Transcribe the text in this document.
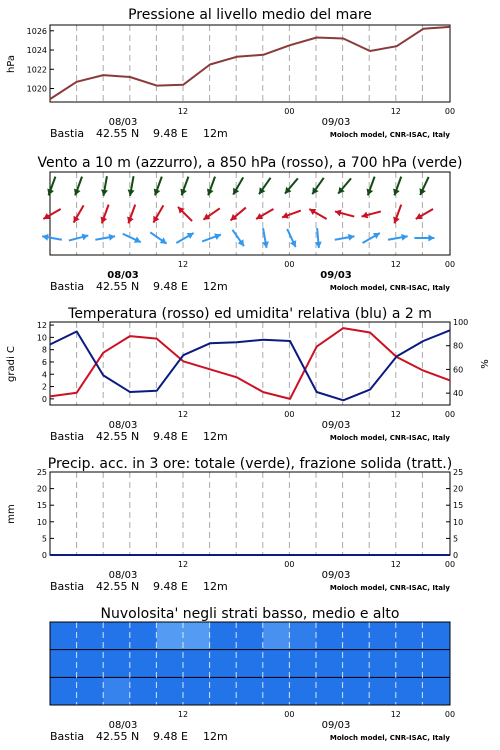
Pressione al livello medio del mare
1020
1022
1024
1026
hPa
12	00	12	00
08/03	09/03
Bastia 42.55 N 9.48 E 12m	Moloch model, CNR-ISAC, Italy
Vento a 10 m (azzurro), a 850 hPa (rosso), a 700 hPa (verde)
12	00	12	00
08/03	09/03
Bastia 42.55 N 9.48 E 12m	Moloch model, CNR-ISAC, Italy
Temperatura (rosso) ed umidita' relativa (blu) a 2 m
0
2
4
6
8
10
12
40
60
80
100
gradi C	%
12	00	12	00
08/03	09/03
Bastia 42.55 N 9.48 E 12m	Moloch model, CNR-ISAC, Italy
Precip. acc. in 3 ore: totale (verde), frazione solida (tratt.)
0	0
5	5
10	10
15	15
20	20
25	25
mm
12	00	12	00
08/03	09/03
Bastia 42.55 N 9.48 E 12m	Moloch model, CNR-ISAC, Italy
Nuvolosita' negli strati basso, medio e alto
12	00	12	00
08/03	09/03
Bastia 42.55 N 9.48 E 12m	Moloch model, CNR-ISAC, Italy
